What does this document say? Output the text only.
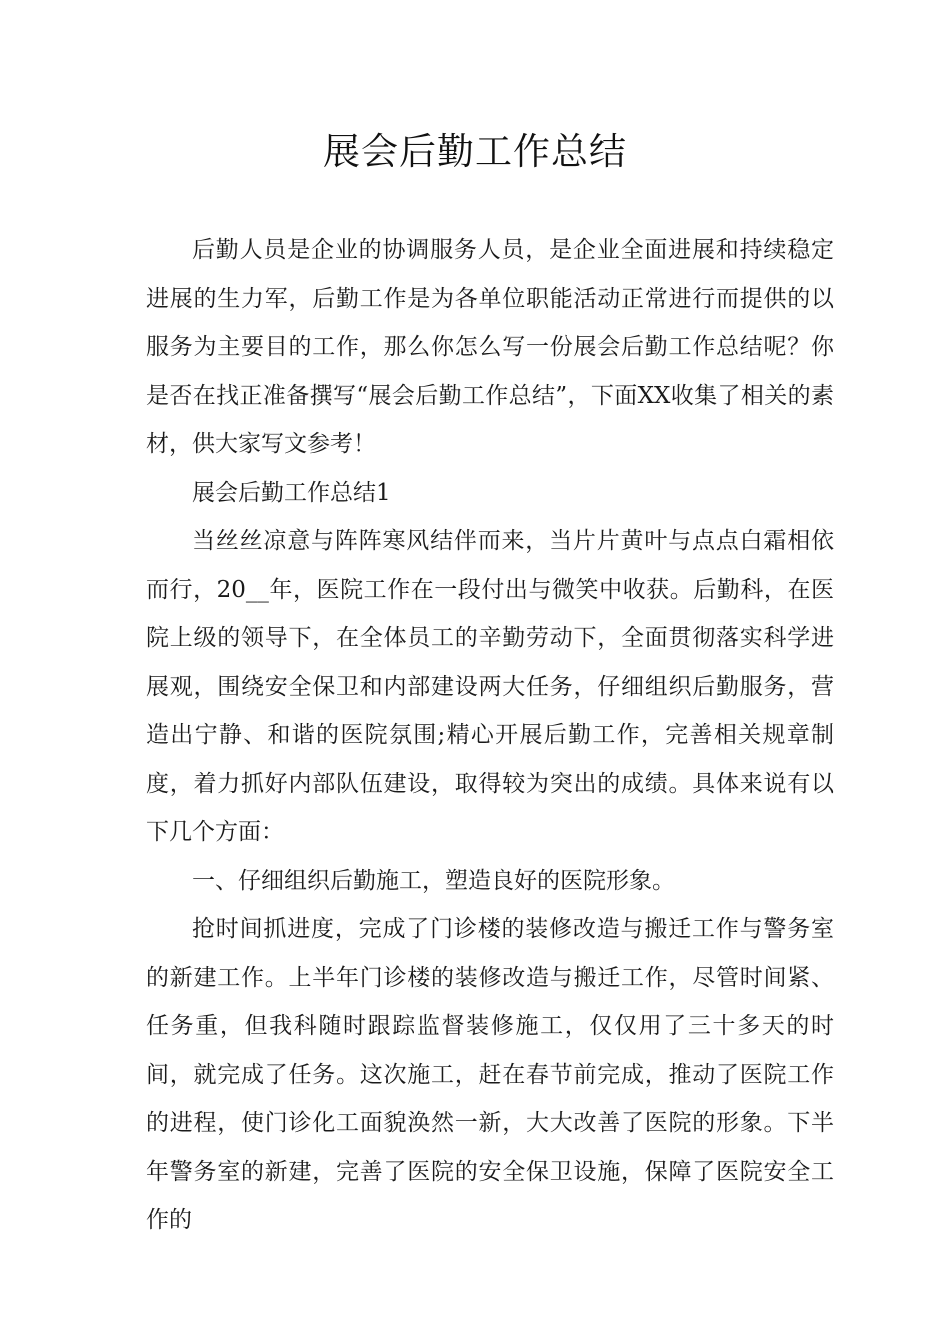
展会后勤工作总结

后勤人员是企业的协调服务人员，是企业全面进展和持续稳定进展的生力军，后勤工作是为各单位职能活动正常进行而提供的以服务为主要目的工作，那么你怎么写一份展会后勤工作总结呢？你是否在找正准备撰写“展会后勤工作总结”，下面XX收集了相关的素材，供大家写文参考！

展会后勤工作总结1

当丝丝凉意与阵阵寒风结伴而来，当片片黄叶与点点白霜相依而行，20__年，医院工作在一段付出与微笑中收获。后勤科，在医院上级的领导下，在全体员工的辛勤劳动下，全面贯彻落实科学进展观，围绕安全保卫和内部建设两大任务，仔细组织后勤服务，营造出宁静、和谐的医院氛围;精心开展后勤工作，完善相关规章制度，着力抓好内部队伍建设，取得较为突出的成绩。具体来说有以下几个方面：

一、仔细组织后勤施工，塑造良好的医院形象。

抢时间抓进度，完成了门诊楼的装修改造与搬迁工作与警务室的新建工作。上半年门诊楼的装修改造与搬迁工作，尽管时间紧、任务重，但我科随时跟踪监督装修施工，仅仅用了三十多天的时间，就完成了任务。这次施工，赶在春节前完成，推动了医院工作的进程，使门诊化工面貌涣然一新，大大改善了医院的形象。下半年警务室的新建，完善了医院的安全保卫设施，保障了医院安全工作的
